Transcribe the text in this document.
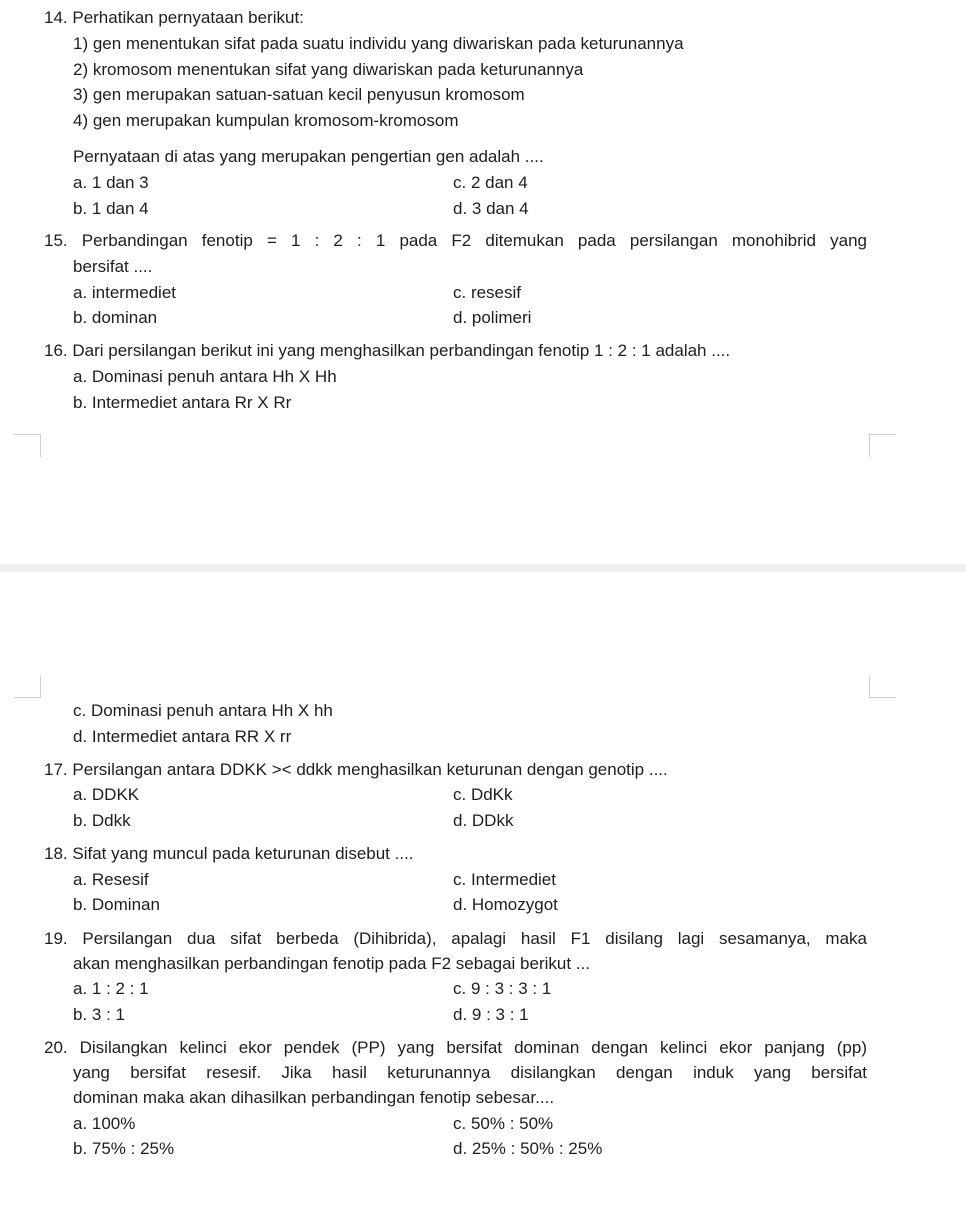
14. Perhatikan pernyataan berikut:
1) gen menentukan sifat pada suatu individu yang diwariskan pada keturunannya
2) kromosom menentukan sifat yang diwariskan pada keturunannya
3) gen merupakan satuan-satuan kecil penyusun kromosom
4) gen merupakan kumpulan kromosom-kromosom
Pernyataan di atas yang merupakan pengertian gen adalah ....
a. 1 dan 3	c. 2 dan 4
b. 1 dan 4	d. 3 dan 4
15. Perbandingan fenotip = 1 : 2 : 1 pada F2 ditemukan pada persilangan monohibrid yang
bersifat ....
a. intermediet	c. resesif
b. dominan	d. polimeri
16. Dari persilangan berikut ini yang menghasilkan perbandingan fenotip 1 : 2 : 1 adalah ....
a. Dominasi penuh antara Hh X Hh
b. Intermediet antara Rr X Rr
c. Dominasi penuh antara Hh X hh
d. Intermediet antara RR X rr
17. Persilangan antara DDKK >< ddkk menghasilkan keturunan dengan genotip ....
a. DDKK	c. DdKk
b. Ddkk	d. DDkk
18. Sifat yang muncul pada keturunan disebut ....
a. Resesif	c. Intermediet
b. Dominan	d. Homozygot
19. Persilangan dua sifat berbeda (Dihibrida), apalagi hasil F1 disilang lagi sesamanya, maka
akan menghasilkan perbandingan fenotip pada F2 sebagai berikut ...
a. 1 : 2 : 1	c. 9 : 3 : 3 : 1
b. 3 : 1	d. 9 : 3 : 1
20. Disilangkan kelinci ekor pendek (PP) yang bersifat dominan dengan kelinci ekor panjang (pp)
yang bersifat resesif. Jika hasil keturunannya disilangkan dengan induk yang bersifat
dominan maka akan dihasilkan perbandingan fenotip sebesar....
a. 100%	c. 50% : 50%
b. 75% : 25%	d. 25% : 50% : 25%
